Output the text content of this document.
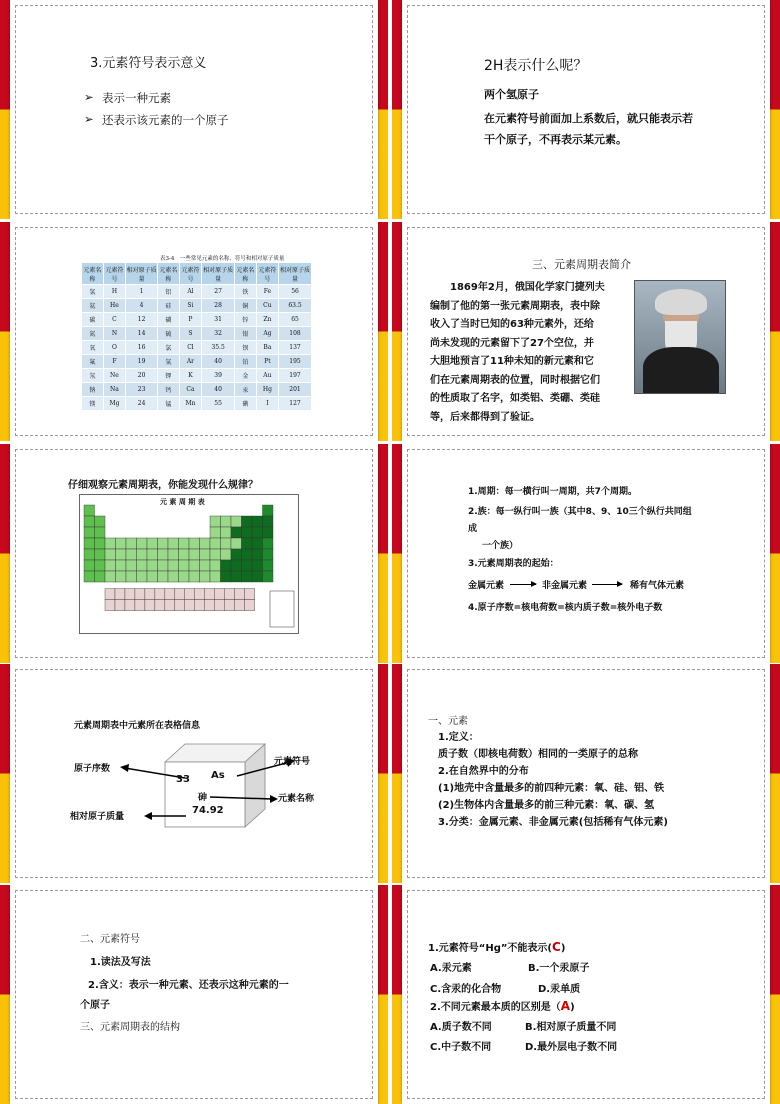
3.元素符号表示意义
➢ 表示一种元素
➢ 还表示该元素的一个原子
2H表示什么呢？
两个氢原子
在元素符号前面加上系数后，就只能表示若
干个原子，不再表示某元素。
表3-4　一些常见元素的名称、符号和相对原子质量
元素名称	元素符号	相对原子质量	元素名称	元素符号	相对原子质量	元素名称	元素符号	相对原子质量
氢	H	1	铝	Al	27	铁	Fe	56
氦	He	4	硅	Si	28	铜	Cu	63.5
碳	C	12	磷	P	31	锌	Zn	65
氮	N	14	硫	S	32	银	Ag	108
氧	O	16	氯	Cl	35.5	钡	Ba	137
氟	F	19	氩	Ar	40	铂	Pt	195
氖	Ne	20	钾	K	39	金	Au	197
钠	Na	23	钙	Ca	40	汞	Hg	201
镁	Mg	24	锰	Mn	55	碘	I	127
三、元素周期表简介
1869年2月，俄国化学家门捷列夫
编制了他的第一张元素周期表，表中除
收入了当时已知的63种元素外，还给
尚未发现的元素留下了27个空位，并
大胆地预言了11种未知的新元素和它
们在元素周期表的位置，同时根据它们
的性质取了名字，如类铝、类硼、类硅
等，后来都得到了验证。
仔细观察元素周期表，你能发现什么规律？
元 素 周 期 表
1.周期：每一横行叫一周期，共7个周期。
2.族：每一纵行叫一族（其中8、9、10三个纵行共同组
成
一个族）
3.元素周期表的起始：
金属元素	非金属元素	稀有气体元素
4.原子序数=核电荷数=核内质子数=核外电子数
元素周期表中元素所在表格信息
原子序数
相对原子质量
元素符号
元素名称
33 As
砷
74.92
一、元素
1.定义：
质子数（即核电荷数）相同的一类原子的总称
2.在自然界中的分布
(1)地壳中含量最多的前四种元素：氧、硅、铝、铁
(2)生物体内含量最多的前三种元素：氧、碳、氢
3.分类：金属元素、非金属元素(包括稀有气体元素)
二、元素符号
1.读法及写法
2.含义：表示一种元素、还表示这种元素的一
个原子
三、元素周期表的结构
1.元素符号“Hg”不能表示(C)
A.汞元素	B.一个汞原子
C.含汞的化合物	D.汞单质
2.不同元素最本质的区别是（A)
A.质子数不同	B.相对原子质量不同
C.中子数不同	D.最外层电子数不同
